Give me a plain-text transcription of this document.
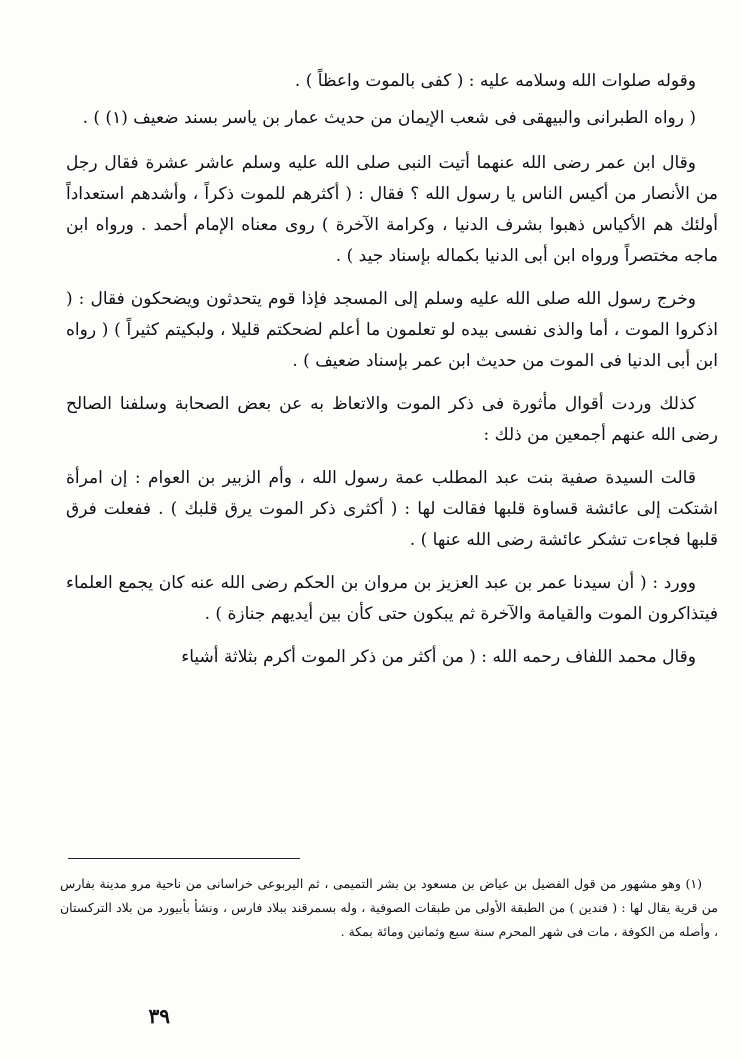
وقوله صلوات الله وسلامه عليه : ( كفى بالموت واعظاً ) .

( رواه الطبرانى والبيهقى فى شعب الإيمان من حديث عمار بن ياسر بسند ضعيف (١) ) .

وقال ابن عمر رضى الله عنهما أتيت النبى صلى الله عليه وسلم عاشر عشرة فقال رجل من الأنصار من أكيس الناس يا رسول الله ؟ فقال : ( أكثرهم للموت ذكراً ، وأشدهم استعداداً أولئك هم الأكياس ذهبوا بشرف الدنيا ، وكرامة الآخرة ) روى معناه الإمام أحمد . ورواه ابن ماجه مختصراً ورواه ابن أبى الدنيا بكماله بإسناد جيد ) .

وخرج رسول الله صلى الله عليه وسلم إلى المسجد فإذا قوم يتحدثون ويضحكون فقال : ( اذكروا الموت ، أما والذى نفسى بيده لو تعلمون ما أعلم لضحكتم قليلا ، ولبكيتم كثيراً ) ( رواه ابن أبى الدنيا فى الموت من حديث ابن عمر بإسناد ضعيف ) .

كذلك وردت أقوال مأثورة فى ذكر الموت والاتعاظ به عن بعض الصحابة وسلفنا الصالح رضى الله عنهم أجمعين من ذلك :

قالت السيدة صفية بنت عبد المطلب عمة رسول الله ، وأم الزبير بن العوام : إن امرأة اشتكت إلى عائشة قساوة قلبها فقالت لها : ( أكثرى ذكر الموت يرق قلبك ) . ففعلت فرق قلبها فجاءت تشكر عائشة رضى الله عنها ) .

وورد : ( أن سيدنا عمر بن عبد العزيز بن مروان بن الحكم رضى الله عنه كان يجمع العلماء فيتذاكرون الموت والقيامة والآخرة ثم يبكون حتى كأن بين أيديهم جنازة ) .

وقال محمد اللفاف رحمه الله : ( من أكثر من ذكر الموت أكرم بثلاثة أشياء

(١) وهو مشهور من قول الفضيل بن عياض بن مسعود بن بشر التميمى ، ثم اليربوعى خراسانى من ناحية مرو مدينة بفارس من قرية يقال لها : ( فندين ) من الطبقة الأولى من طبقات الصوفية ، وله بسمرقند ببلاد فارس ، ونشأ بأبيورد من بلاد التركستان ، وأصله من الكوفة ، مات فى شهر المحرم سنة سبع وثمانين ومائة بمكة .

٣٩
